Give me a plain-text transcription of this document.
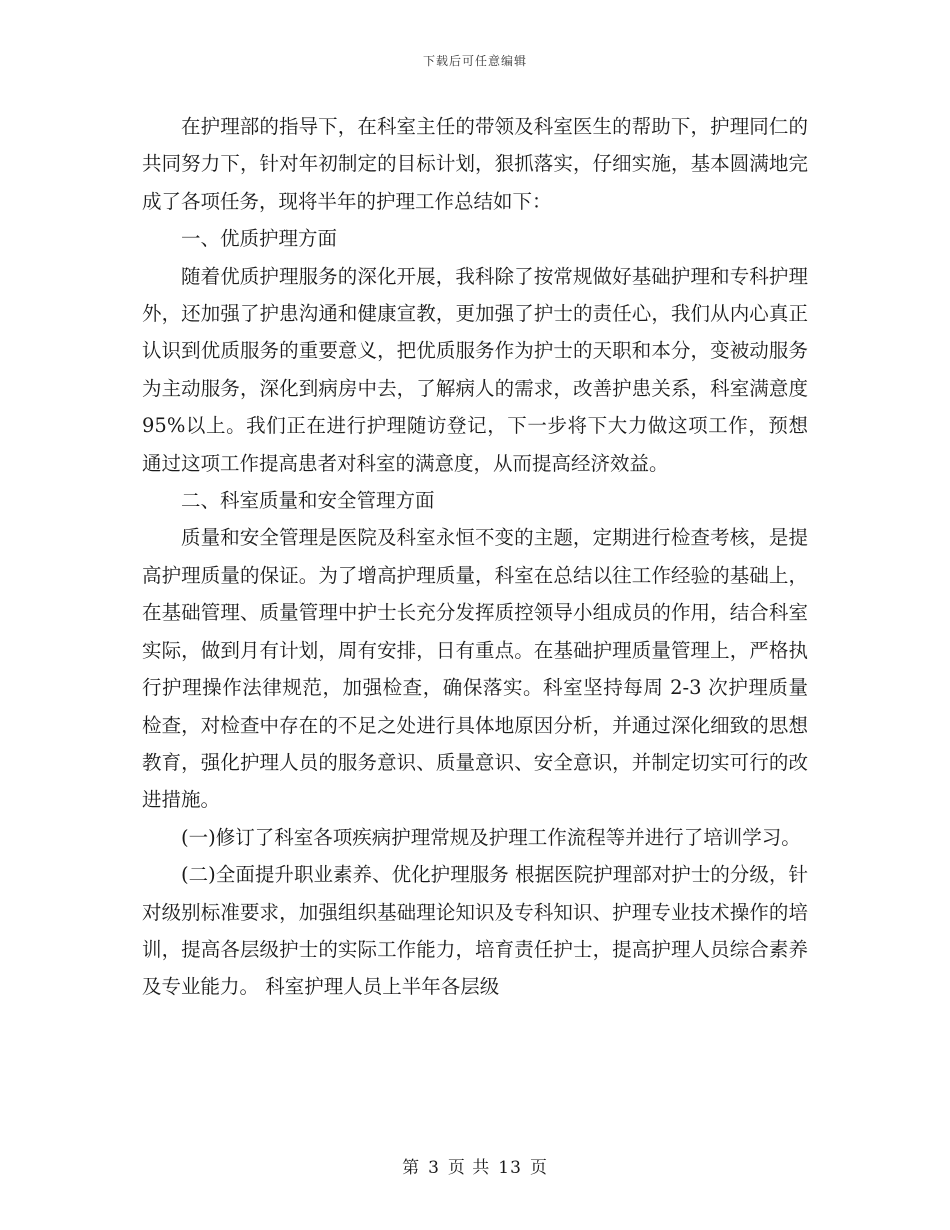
下载后可任意编辑

在护理部的指导下，在科室主任的带领及科室医生的帮助下，护理同仁的共同努力下，针对年初制定的目标计划，狠抓落实，仔细实施，基本圆满地完成了各项任务，现将半年的护理工作总结如下：

一、优质护理方面

随着优质护理服务的深化开展，我科除了按常规做好基础护理和专科护理外，还加强了护患沟通和健康宣教，更加强了护士的责任心，我们从内心真正认识到优质服务的重要意义，把优质服务作为护士的天职和本分，变被动服务为主动服务，深化到病房中去，了解病人的需求，改善护患关系，科室满意度 95%以上。我们正在进行护理随访登记，下一步将下大力做这项工作，预想通过这项工作提高患者对科室的满意度，从而提高经济效益。

二、科室质量和安全管理方面

质量和安全管理是医院及科室永恒不变的主题，定期进行检查考核，是提高护理质量的保证。为了增高护理质量，科室在总结以往工作经验的基础上，在基础管理、质量管理中护士长充分发挥质控领导小组成员的作用，结合科室实际，做到月有计划，周有安排，日有重点。在基础护理质量管理上，严格执行护理操作法律规范，加强检查，确保落实。科室坚持每周 2-3 次护理质量检查，对检查中存在的不足之处进行具体地原因分析，并通过深化细致的思想教育，强化护理人员的服务意识、质量意识、安全意识，并制定切实可行的改进措施。

(一)修订了科室各项疾病护理常规及护理工作流程等并进行了培训学习。

(二)全面提升职业素养、优化护理服务 根据医院护理部对护士的分级，针对级别标准要求，加强组织基础理论知识及专科知识、护理专业技术操作的培训，提高各层级护士的实际工作能力，培育责任护士，提高护理人员综合素养及专业能力。 科室护理人员上半年各层级

第 3 页 共 13 页
